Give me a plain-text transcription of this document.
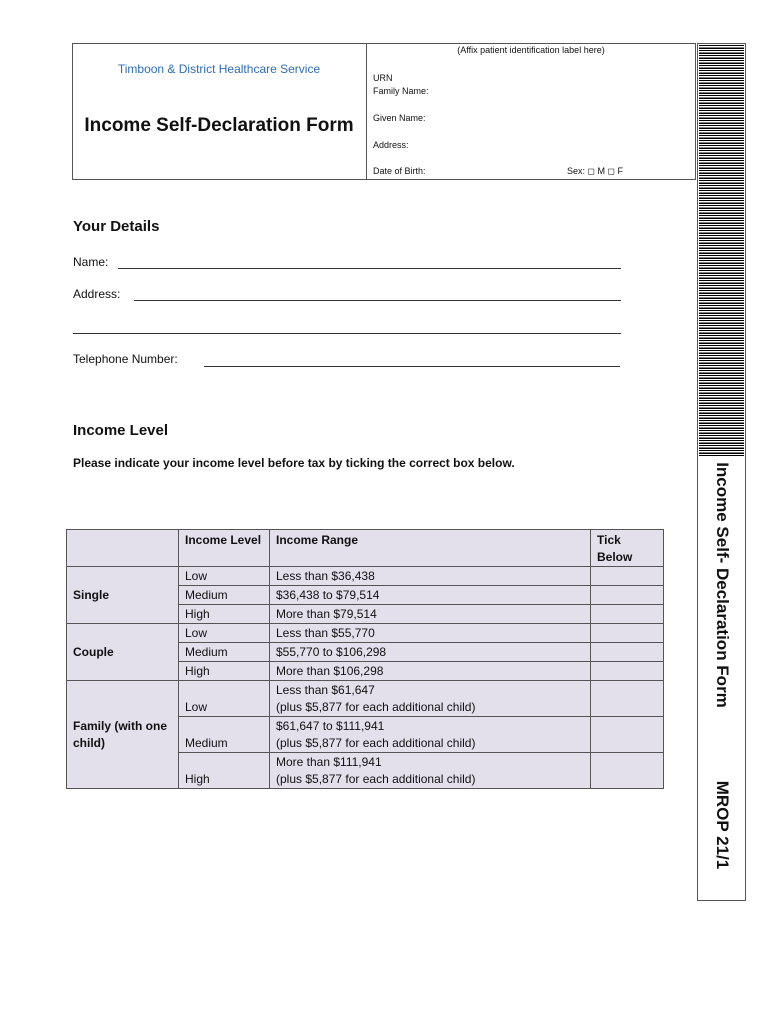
Timboon & District Healthcare Service
Income Self-Declaration Form
(Affix patient identification label here)
URN
Family Name:
Given Name:
Address:
Date of Birth:	Sex: ◻ M ◻ F
Income Self- Declaration Form
MROP 21/1
Your Details
Name:
Address:
Telephone Number:
Income Level
Please indicate your income level before tax by ticking the correct box below.
	Income Level	Income Range	Tick Below
Single	Low	Less than $36,438	
	Medium	$36,438 to $79,514	
	High	More than $79,514	
Couple	Low	Less than $55,770	
	Medium	$55,770 to $106,298	
	High	More than $106,298	
Family (with one child)	Low	Less than $61,647
(plus $5,877 for each additional child)	
	Medium	$61,647 to $111,941
(plus $5,877 for each additional child)	
	High	More than $111,941
(plus $5,877 for each additional child)	
